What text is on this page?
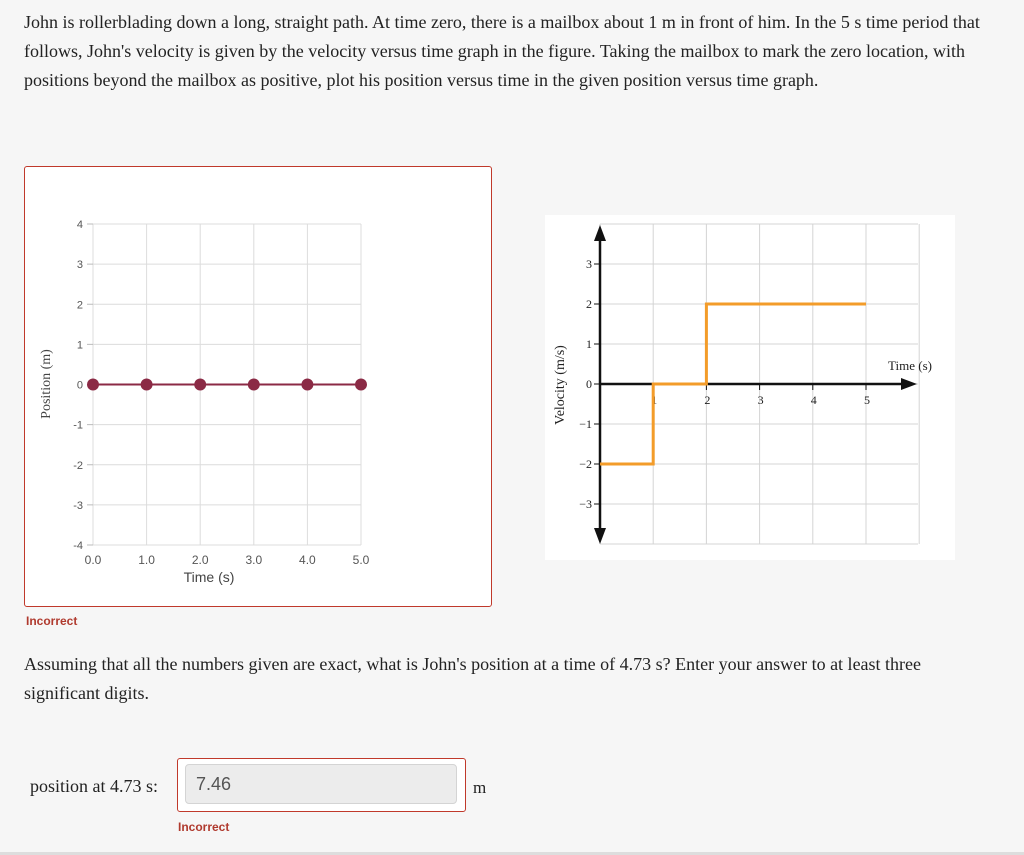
John is rollerblading down a long, straight path. At time zero, there is a mailbox about 1 m in front of him. In the 5 s time period that follows, John's velocity is given by the velocity versus time graph in the figure. Taking the mailbox to mark the zero location, with positions beyond the mailbox as positive, plot his position versus time in the given position versus time graph.

4
3
2
1
0
-1
-2
-3
-4
0.0	1.0	2.0	3.0	4.0	5.0
Time (s)
Position (m)
Incorrect
3
2
1
0
−1
−2
−3
1	2	3	4	5
Time (s)
Velocity (m/s)

Assuming that all the numbers given are exact, what is John's position at a time of 4.73 s? Enter your answer to at least three significant digits.

position at 4.73 s:
7.46	m
Incorrect
